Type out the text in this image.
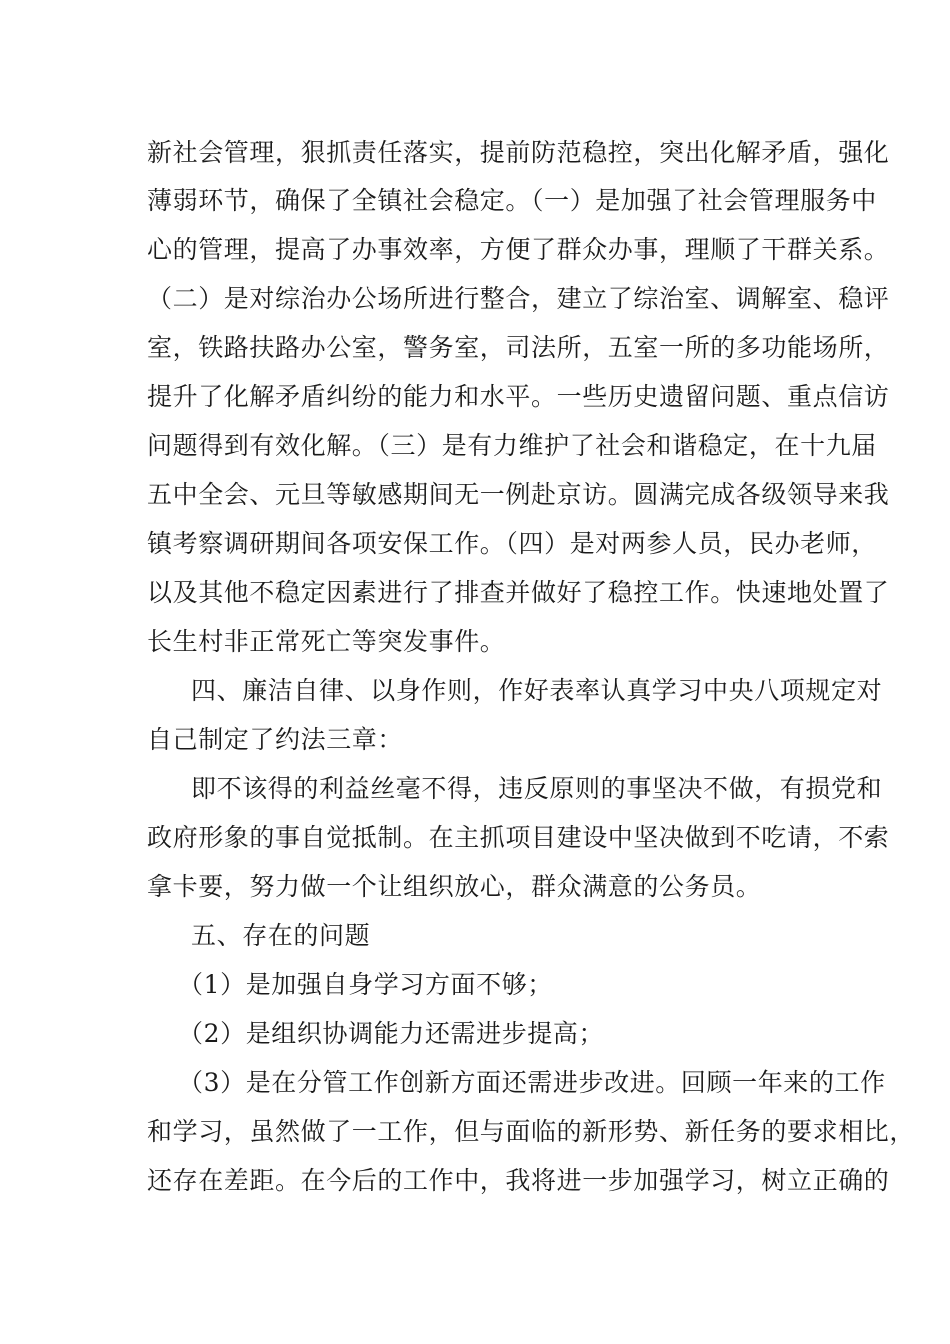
新社会管理，狠抓责任落实，提前防范稳控，突出化解矛盾，强化
薄弱环节，确保了全镇社会稳定。（一）是加强了社会管理服务中
心的管理，提高了办事效率，方便了群众办事，理顺了干群关系。
（二）是对综治办公场所进行整合，建立了综治室、调解室、稳评
室，铁路扶路办公室，警务室，司法所，五室一所的多功能场所，
提升了化解矛盾纠纷的能力和水平。一些历史遗留问题、重点信访
问题得到有效化解。（三）是有力维护了社会和谐稳定，在十九届
五中全会、元旦等敏感期间无一例赴京访。圆满完成各级领导来我
镇考察调研期间各项安保工作。（四）是对两参人员，民办老师，
以及其他不稳定因素进行了排查并做好了稳控工作。快速地处置了
长生村非正常死亡等突发事件。
四、廉洁自律、以身作则，作好表率认真学习中央八项规定对
自己制定了约法三章：
即不该得的利益丝毫不得，违反原则的事坚决不做，有损党和
政府形象的事自觉抵制。在主抓项目建设中坚决做到不吃请，不索
拿卡要，努力做一个让组织放心，群众满意的公务员。
五、存在的问题
（1）是加强自身学习方面不够；
（2）是组织协调能力还需进步提高；
（3）是在分管工作创新方面还需进步改进。回顾一年来的工作
和学习，虽然做了一工作，但与面临的新形势、新任务的要求相比，
还存在差距。在今后的工作中，我将进一步加强学习，树立正确的
